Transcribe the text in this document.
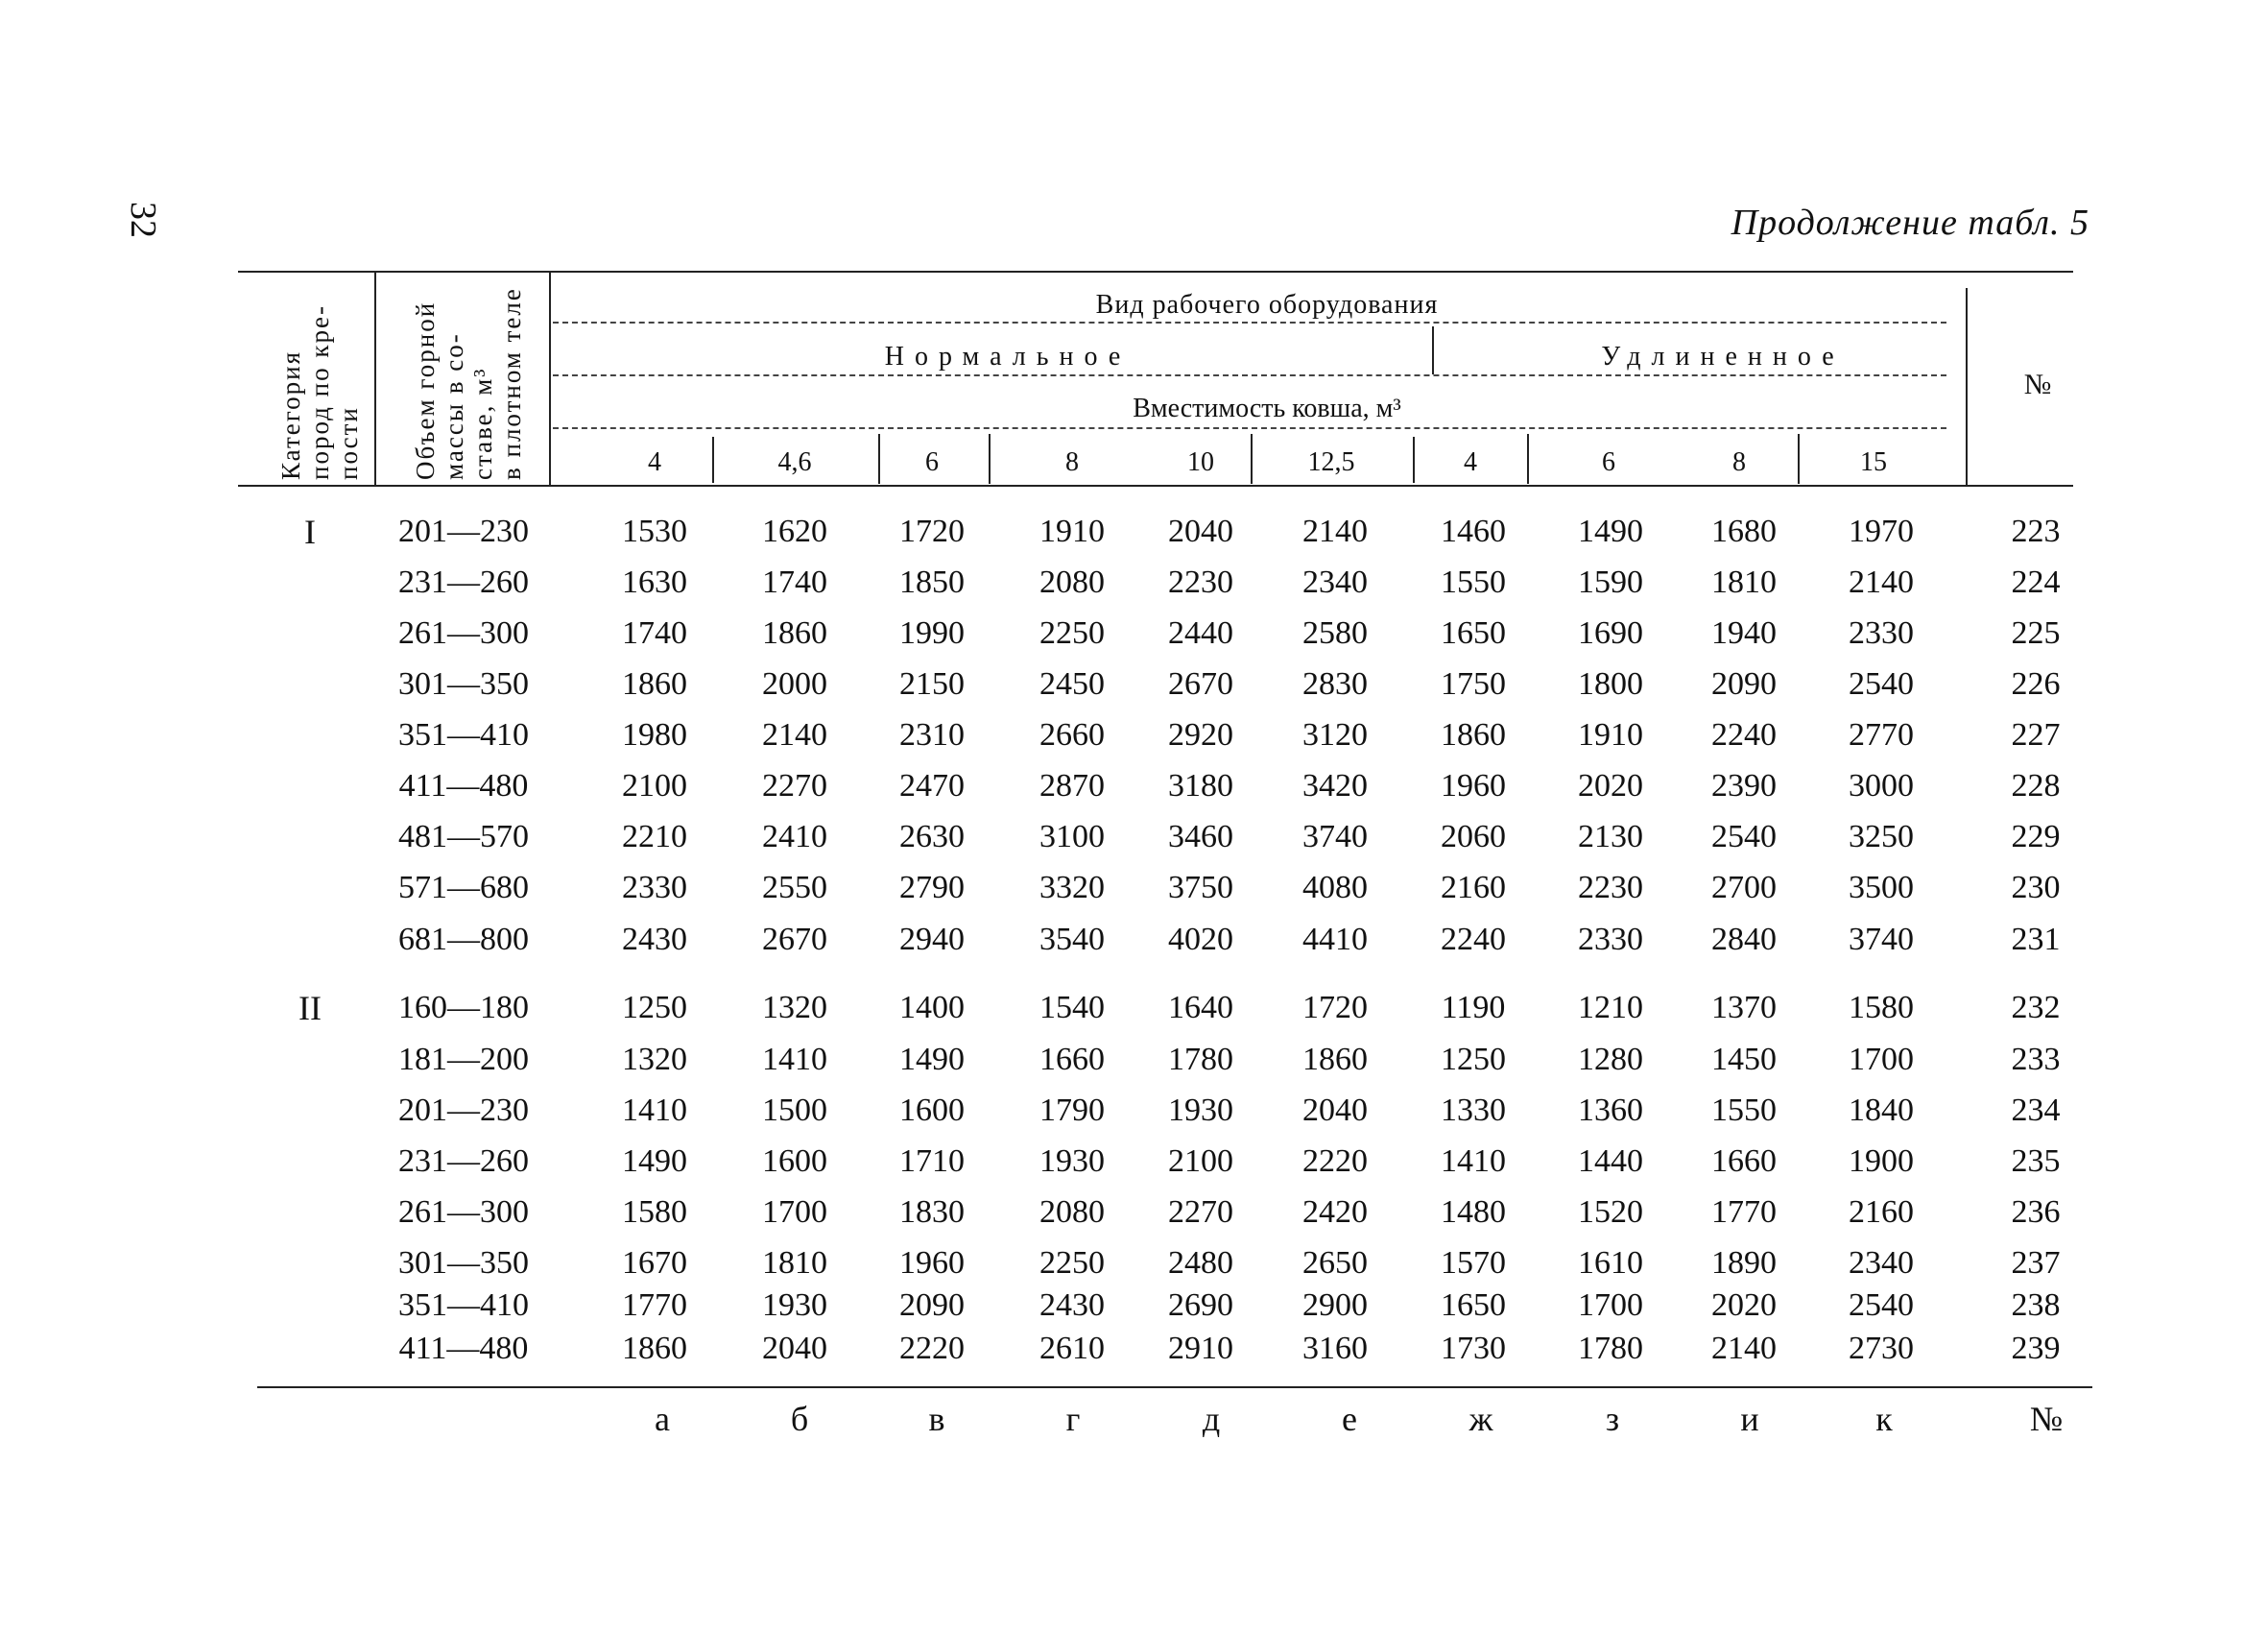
32	Продолжение табл. 5
Категория пород по кре- пости Объем горной массы в со- ставе, м³ в плотном теле	Вид рабочего оборудования
Нормальное	Удлиненное
Вместимость ковша, м³
№
4	4,6	6	8	10	12,5	4	6	8	15
I	201—230	1530 1620 1720 1910 2040 2140 1460 1490 1680 1970	223
231—260	1630 1740 1850 2080 2230 2340 1550 1590 1810 2140	224
261—300	1740 1860 1990 2250 2440 2580 1650 1690 1940 2330	225
301—350	1860 2000 2150 2450 2670 2830 1750 1800 2090 2540	226
351—410	1980 2140 2310 2660 2920 3120 1860 1910 2240 2770	227
411—480	2100 2270 2470 2870 3180 3420 1960 2020 2390 3000	228
481—570	2210 2410 2630 3100 3460 3740 2060 2130 2540 3250	229
571—680	2330 2550 2790 3320 3750 4080 2160 2230 2700 3500	230
681—800	2430 2670 2940 3540 4020 4410 2240 2330 2840 3740	231
II 160—180	1250 1320 1400 1540 1640 1720 1190 1210 1370 1580	232
181—200	1320 1410 1490 1660 1780 1860 1250 1280 1450 1700	233
201—230	1410 1500 1600 1790 1930 2040 1330 1360 1550 1840	234
231—260	1490 1600 1710 1930 2100 2220 1410 1440 1660 1900	235
261—300	1580 1700 1830 2080 2270 2420 1480 1520 1770 2160	236
301—350	1670 1810 1960 2250 2480 2650 1570 1610 1890 2340	237
351—410	1770 1930 2090 2430 2690 2900 1650 1700 2020 2540	238
411—480	1860 2040 2220 2610 2910 3160 1730 1780 2140 2730	239
а	б	в	г	д	е	ж	з	и	к	№
